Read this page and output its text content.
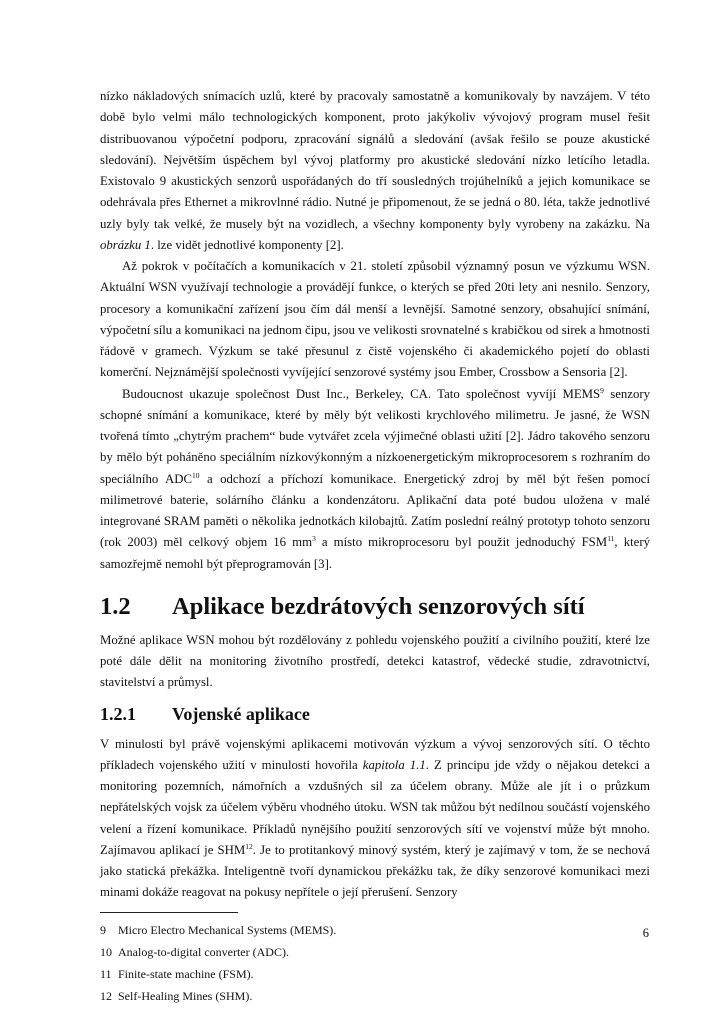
nízko nákladových snímacích uzlů, které by pracovaly samostatně a komunikovaly by navzájem. V této době bylo velmi málo technologických komponent, proto jakýkoliv vývojový program musel řešit distribuovanou výpočetní podporu, zpracování signálů a sledování (avšak řešilo se pouze akustické sledování). Největším úspěchem byl vývoj platformy pro akustické sledování nízko letícího letadla. Existovalo 9 akustických senzorů uspořádaných do tří sousledných trojúhelníků a jejich komunikace se odehrávala přes Ethernet a mikrovlnné rádio. Nutné je připomenout, že se jedná o 80. léta, takže jednotlivé uzly byly tak velké, že musely být na vozidlech, a všechny komponenty byly vyrobeny na zakázku. Na obrázku 1. lze vidět jednotlivé komponenty [2].

Až pokrok v počítačích a komunikacích v 21. století způsobil významný posun ve výzkumu WSN. Aktuální WSN využívají technologie a provádějí funkce, o kterých se před 20ti lety ani nesnilo. Senzory, procesory a komunikační zařízení jsou čím dál menší a levnější. Samotné senzory, obsahující snímání, výpočetní sílu a komunikaci na jednom čipu, jsou ve velikosti srovnatelné s krabičkou od sirek a hmotnosti řádově v gramech. Výzkum se také přesunul z čistě vojenského či akademického pojetí do oblasti komerční. Nejznámější společnosti vyvíjející senzorové systémy jsou Ember, Crossbow a Sensoria [2].

Budoucnost ukazuje společnost Dust Inc., Berkeley, CA. Tato společnost vyvíjí MEMS$^9$ senzory schopné snímání a komunikace, které by měly být velikosti krychlového milimetru. Je jasné, že WSN tvořená tímto „chytrým prachem“ bude vytvářet zcela výjimečné oblasti užití [2]. Jádro takového senzoru by mělo být poháněno speciálním nízkovýkonným a nízkoenergetickým mikroprocesorem s rozhraním do speciálního ADC$^{10}$ a odchozí a příchozí komunikace. Energetický zdroj by měl být řešen pomocí milimetrové baterie, solárního článku a kondenzátoru. Aplikační data poté budou uložena v malé integrované SRAM paměti o několika jednotkách kilobajtů. Zatím poslední reálný prototyp tohoto senzoru (rok 2003) měl celkový objem 16 $mm^3$ a místo mikroprocesoru byl použit jednoduchý FSM$^{11}$, který samozřejmě nemohl být přeprogramován [3].

1.2	Aplikace bezdrátových senzorových sítí

Možné aplikace WSN mohou být rozdělovány z pohledu vojenského použití a civilního použití, které lze poté dále dělit na monitoring životního prostředí, detekci katastrof, vědecké studie, zdravotnictví, stavitelství a průmysl.

1.2.1	Vojenské aplikace

V minulosti byl právě vojenskými aplikacemi motivován výzkum a vývoj senzorových sítí. O těchto příkladech vojenského užití v minulosti hovořila kapitola 1.1. Z principu jde vždy o nějakou detekci a monitoring pozemních, námořních a vzdušných sil za účelem obrany. Může ale jít i o průzkum nepřátelských vojsk za účelem výběru vhodného útoku. WSN tak můžou být nedílnou součástí vojenského velení a řízení komunikace. Příkladů nynějšího použití senzorových sítí ve vojenství může být mnoho. Zajímavou aplikací je SHM$^{12}$. Je to protitankový minový systém, který je zajímavý v tom, že se nechová jako statická překážka. Inteligentně tvoří dynamickou překážku tak, že díky senzorové komunikaci mezi minami dokáže reagovat na pokusy nepřítele o její přerušení. Senzory

9	Micro Electro Mechanical Systems (MEMS).
10 Analog-to-digital converter (ADC).
11 Finite-state machine (FSM).
12 Self-Healing Mines (SHM).
6
